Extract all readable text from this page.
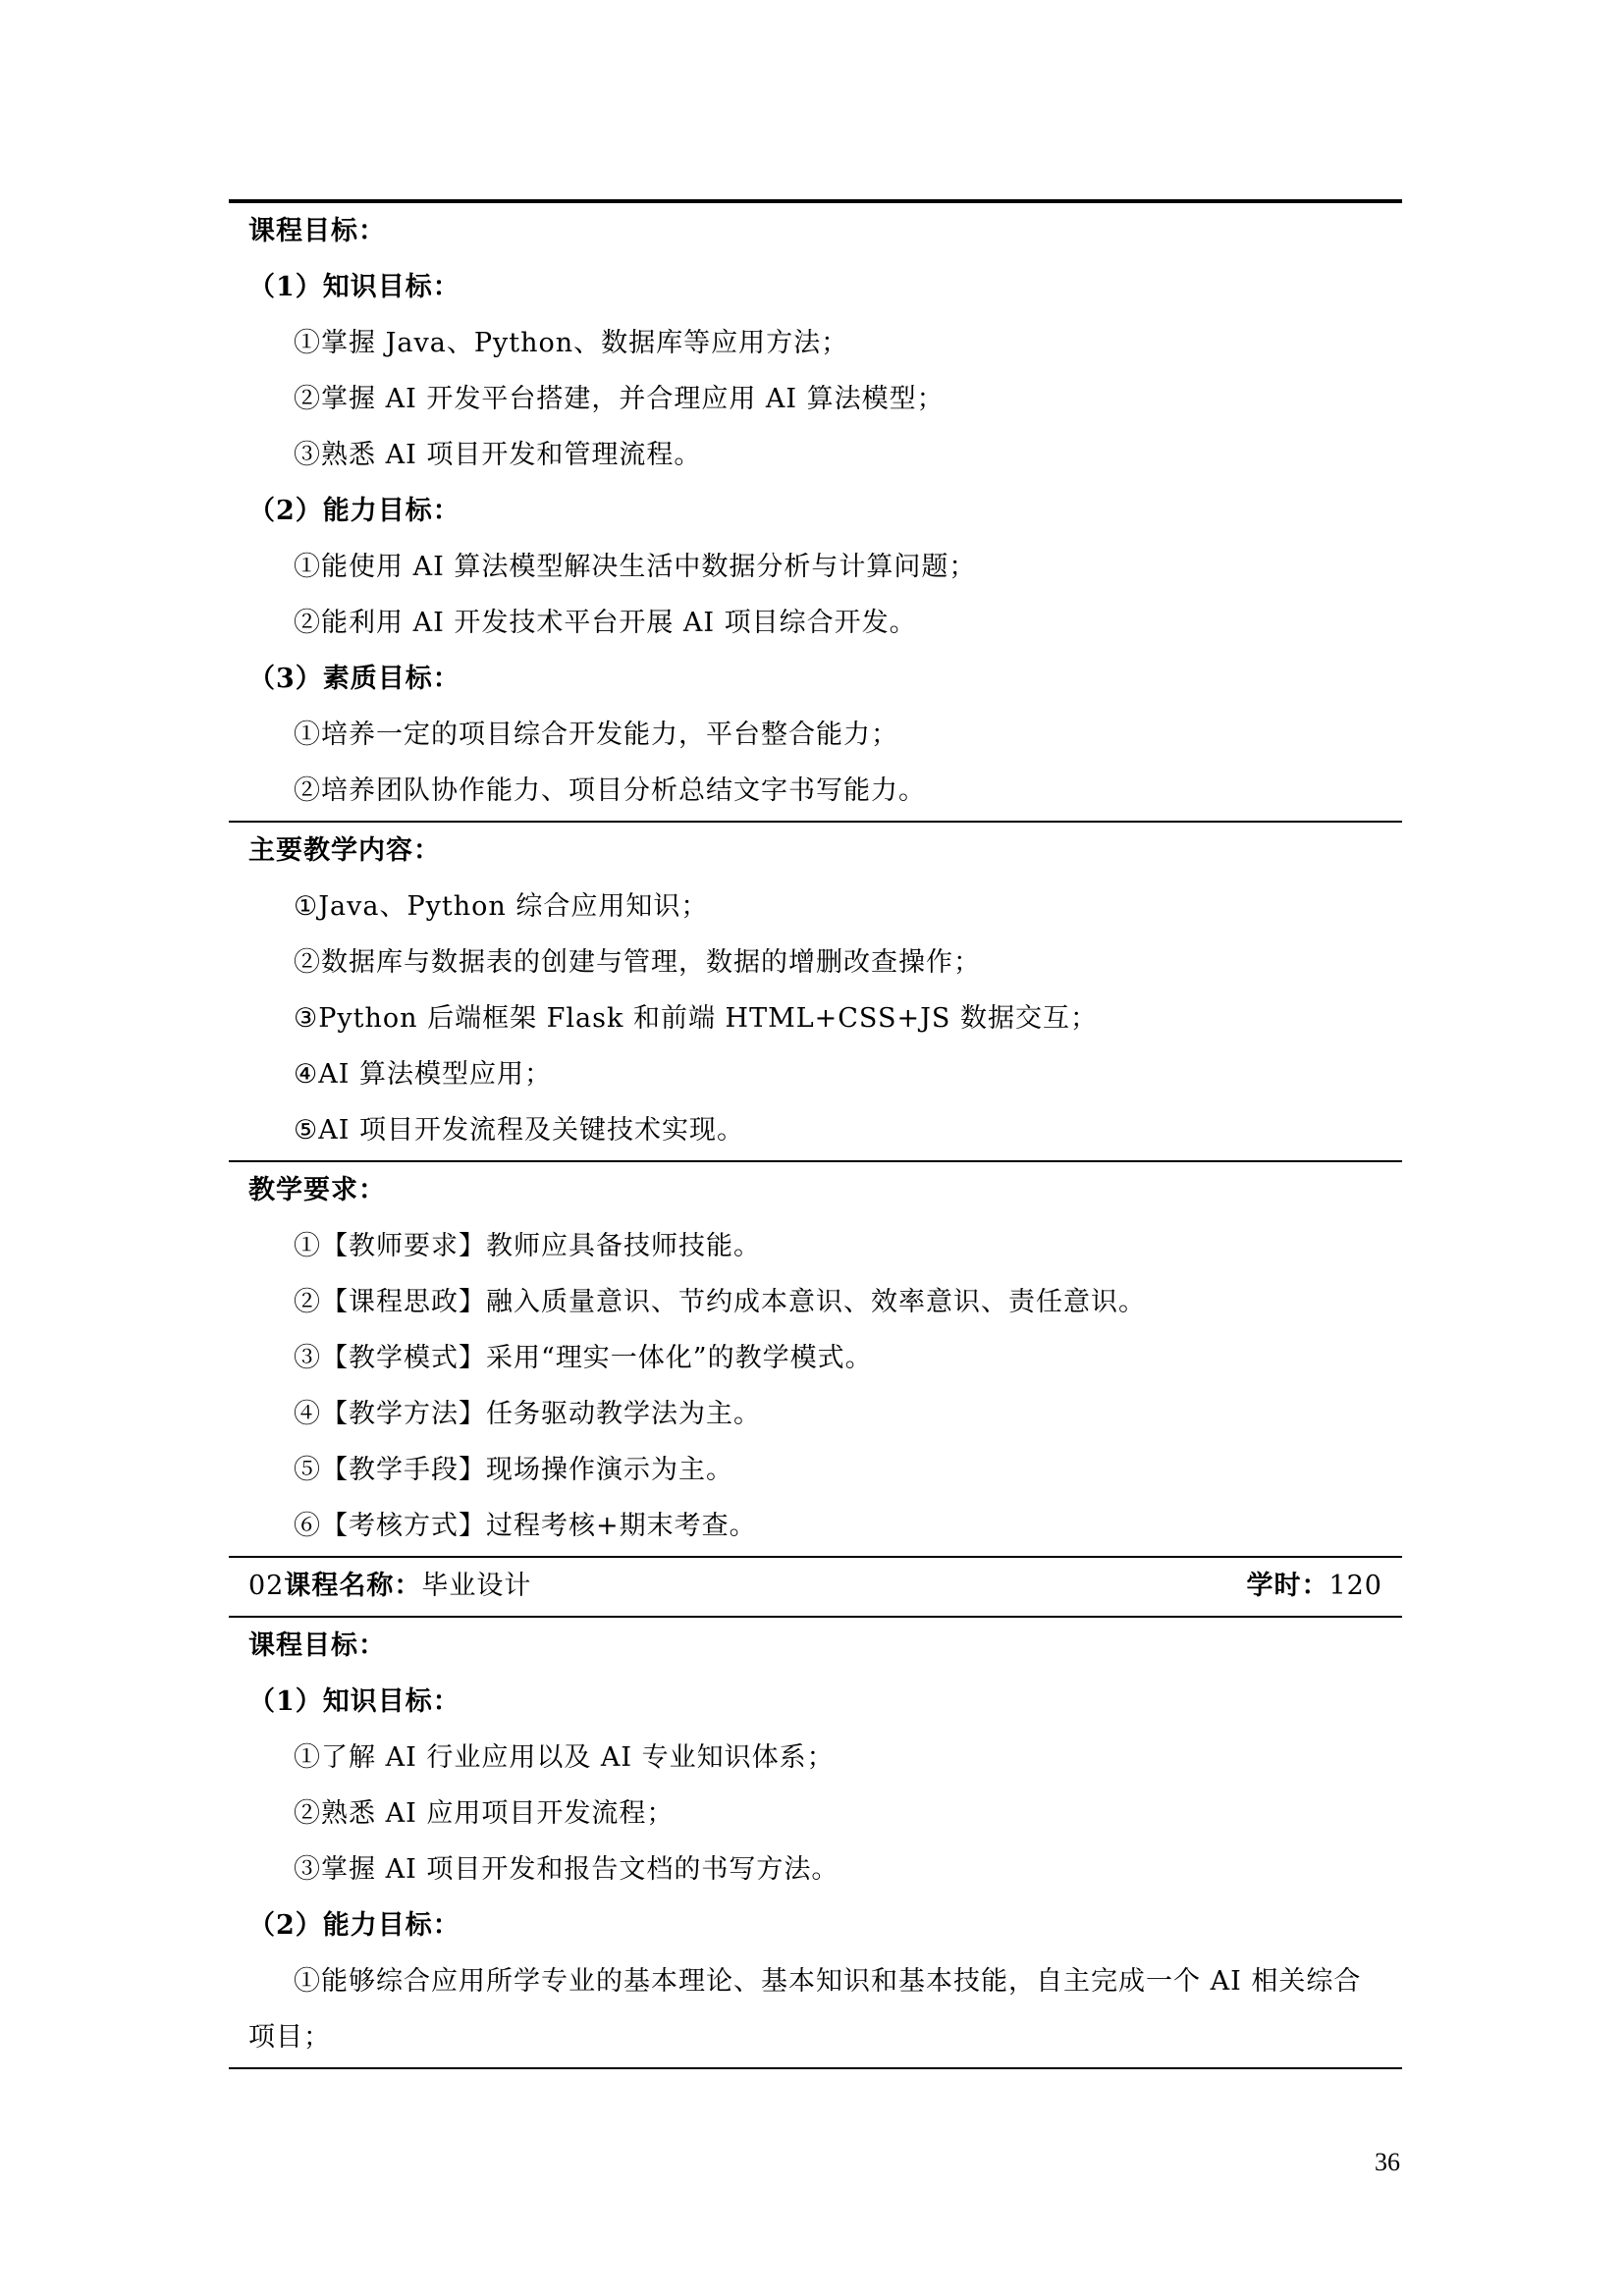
课程目标：
（1）知识目标：
①掌握 Java、Python、数据库等应用方法；
②掌握 AI 开发平台搭建，并合理应用 AI 算法模型；
③熟悉 AI 项目开发和管理流程。
（2）能力目标：
①能使用 AI 算法模型解决生活中数据分析与计算问题；
②能利用 AI 开发技术平台开展 AI 项目综合开发。
（3）素质目标：
①培养一定的项目综合开发能力，平台整合能力；
②培养团队协作能力、项目分析总结文字书写能力。
主要教学内容：
①Java、Python 综合应用知识；
②数据库与数据表的创建与管理，数据的增删改查操作；
③Python 后端框架 Flask 和前端 HTML+CSS+JS 数据交互；
④AI 算法模型应用；
⑤AI 项目开发流程及关键技术实现。
教学要求：
①【教师要求】教师应具备技师技能。
②【课程思政】融入质量意识、节约成本意识、效率意识、责任意识。
③【教学模式】采用“理实一体化”的教学模式。
④【教学方法】任务驱动教学法为主。
⑤【教学手段】现场操作演示为主。
⑥【考核方式】过程考核+期末考查。
02课程名称：毕业设计	学时：120
课程目标：
（1）知识目标：
①了解 AI 行业应用以及 AI 专业知识体系；
②熟悉 AI 应用项目开发流程；
③掌握 AI 项目开发和报告文档的书写方法。
（2）能力目标：
①能够综合应用所学专业的基本理论、基本知识和基本技能，自主完成一个 AI 相关综合项目；
36
